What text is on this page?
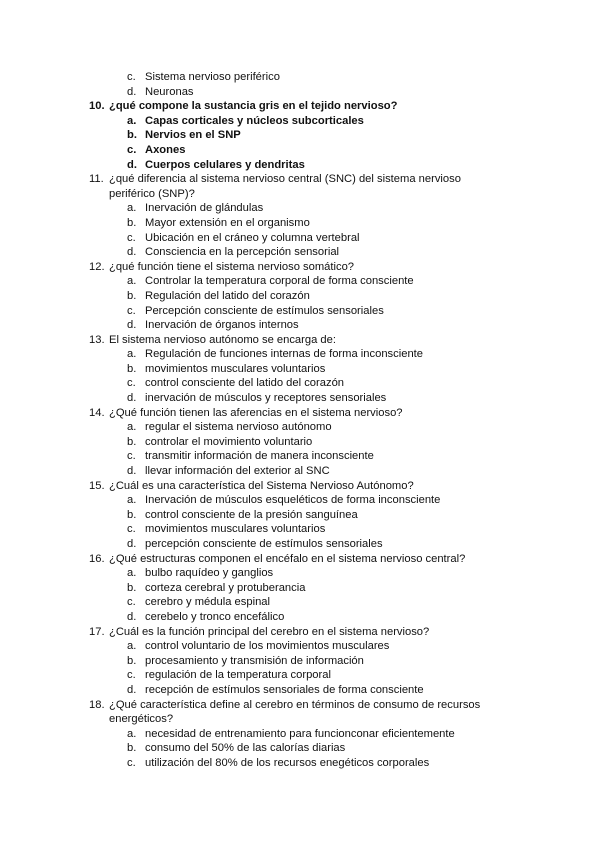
c. Sistema nervioso periférico
d. Neuronas
10. ¿qué compone la sustancia gris en el tejido nervioso?
a. Capas corticales y núcleos subcorticales
b. Nervios en el SNP
c. Axones
d. Cuerpos celulares y dendritas
11. ¿qué diferencia al sistema nervioso central (SNC) del sistema nervioso periférico (SNP)?
a. Inervación de glándulas
b. Mayor extensión en el organismo
c. Ubicación en el cráneo y columna vertebral
d. Consciencia en la percepción sensorial
12. ¿qué función tiene el sistema nervioso somático?
a. Controlar la temperatura corporal de forma consciente
b. Regulación del latido del corazón
c. Percepción consciente de estímulos sensoriales
d. Inervación de órganos internos
13. El sistema nervioso autónomo se encarga de:
a. Regulación de funciones internas de forma inconsciente
b. movimientos musculares voluntarios
c. control consciente del latido del corazón
d. inervación de músculos y receptores sensoriales
14. ¿Qué función tienen las aferencias en el sistema nervioso?
a. regular el sistema nervioso autónomo
b. controlar el movimiento voluntario
c. transmitir información de manera inconsciente
d. llevar información del exterior al SNC
15. ¿Cuál es una característica del Sistema Nervioso Autónomo?
a. Inervación de músculos esqueléticos de forma inconsciente
b. control consciente de la presión sanguínea
c. movimientos musculares voluntarios
d. percepción consciente de estímulos sensoriales
16. ¿Qué estructuras componen el encéfalo en el sistema nervioso central?
a. bulbo raquídeo y ganglios
b. corteza cerebral y protuberancia
c. cerebro y médula espinal
d. cerebelo y tronco encefálico
17. ¿Cuál es la función principal del cerebro en el sistema nervioso?
a. control voluntario de los movimientos musculares
b. procesamiento y transmisión de información
c. regulación de la temperatura corporal
d. recepción de estímulos sensoriales de forma consciente
18. ¿Qué característica define al cerebro en términos de consumo de recursos energéticos?
a. necesidad de entrenamiento para funcionconar eficientemente
b. consumo del 50% de las calorías diarias
c. utilización del 80% de los recursos enegéticos corporales
